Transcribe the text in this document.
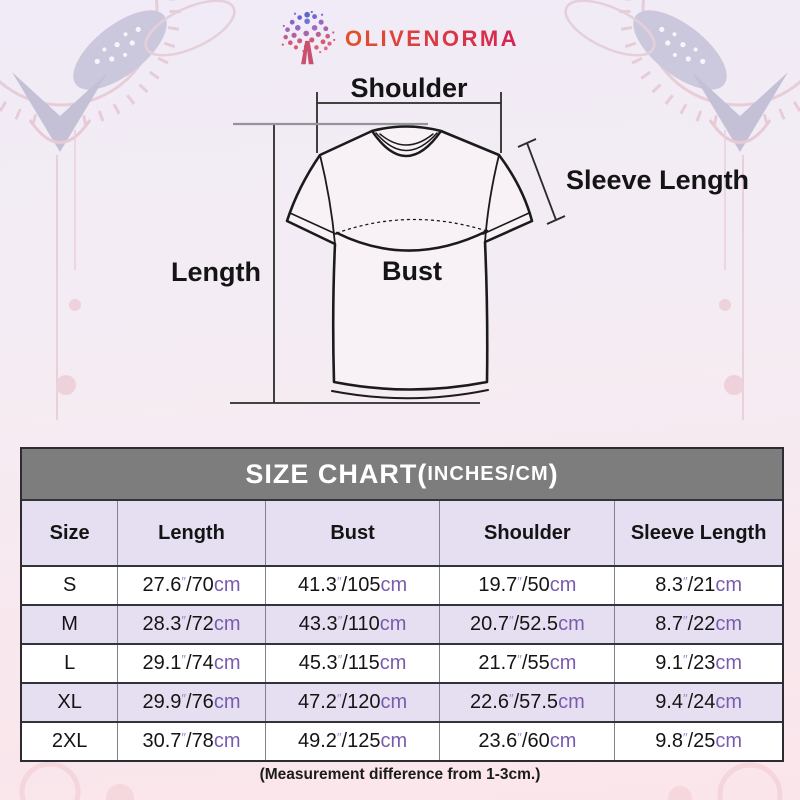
OLIVENORMA
Shoulder
Sleeve Length
Length	Bust
SIZE CHART( INCHES/CM )
Size	Length	Bust	Shoulder	Sleeve Length
S	27.6″/70cm	41.3″/105cm	19.7″/50cm	8.3″/21cm
M	28.3″/72cm	43.3″/110cm	20.7″/52.5cm	8.7″/22cm
L	29.1″/74cm	45.3″/115cm	21.7″/55cm	9.1″/23cm
XL	29.9″/76cm	47.2″/120cm	22.6″/57.5cm	9.4″/24cm
2XL	30.7″/78cm	49.2″/125cm	23.6″/60cm	9.8″/25cm
(Measurement difference from 1-3cm.)
